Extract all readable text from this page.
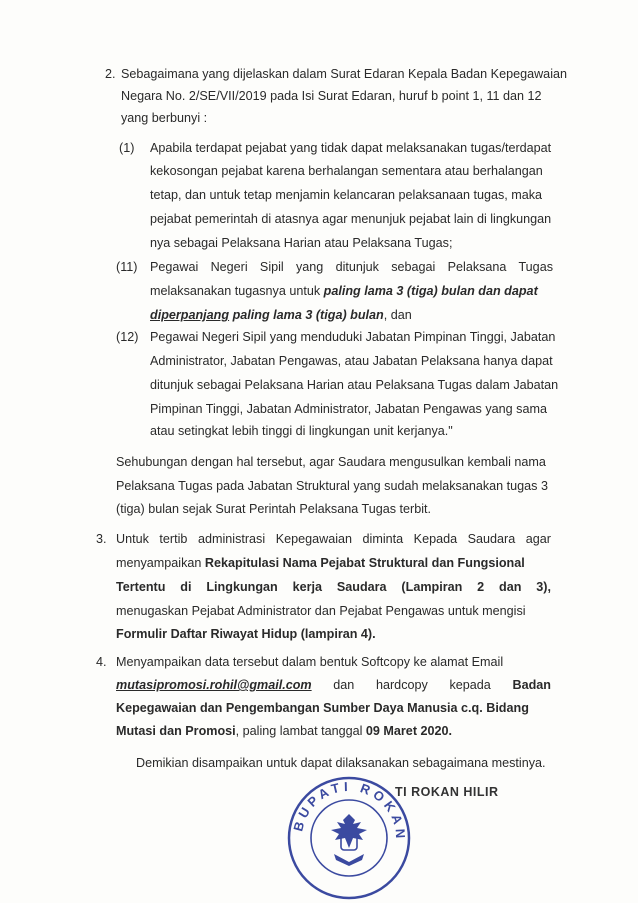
2. Sebagaimana yang dijelaskan dalam Surat Edaran Kepala Badan Kepegawaian
Negara No. 2/SE/VII/2019 pada Isi Surat Edaran, huruf b point 1, 11 dan 12
yang berbunyi :
(1) Apabila terdapat pejabat yang tidak dapat melaksanakan tugas/terdapat
kekosongan pejabat karena berhalangan sementara atau berhalangan
tetap, dan untuk tetap menjamin kelancaran pelaksanaan tugas, maka
pejabat pemerintah di atasnya agar menunjuk pejabat lain di lingkungan
nya sebagai Pelaksana Harian atau Pelaksana Tugas;
(11) Pegawai Negeri Sipil yang ditunjuk sebagai Pelaksana Tugas
melaksanakan tugasnya untuk paling lama 3 (tiga) bulan dan dapat
diperpanjang paling lama 3 (tiga) bulan, dan
(12) Pegawai Negeri Sipil yang menduduki Jabatan Pimpinan Tinggi, Jabatan
Administrator, Jabatan Pengawas, atau Jabatan Pelaksana hanya dapat
ditunjuk sebagai Pelaksana Harian atau Pelaksana Tugas dalam Jabatan
Pimpinan Tinggi, Jabatan Administrator, Jabatan Pengawas yang sama
atau setingkat lebih tinggi di lingkungan unit kerjanya."
Sehubungan dengan hal tersebut, agar Saudara mengusulkan kembali nama
Pelaksana Tugas pada Jabatan Struktural yang sudah melaksanakan tugas 3
(tiga) bulan sejak Surat Perintah Pelaksana Tugas terbit.
3. Untuk tertib administrasi Kepegawaian diminta Kepada Saudara agar
menyampaikan Rekapitulasi Nama Pejabat Struktural dan Fungsional
Tertentu di Lingkungan kerja Saudara (Lampiran 2 dan 3),
menugaskan Pejabat Administrator dan Pejabat Pengawas untuk mengisi
Formulir Daftar Riwayat Hidup (lampiran 4).
4. Menyampaikan data tersebut dalam bentuk Softcopy ke alamat Email
mutasipromosi.rohil@gmail.com dan hardcopy kepada Badan
Kepegawaian dan Pengembangan Sumber Daya Manusia c.q. Bidang
Mutasi dan Promosi, paling lambat tanggal 09 Maret 2020.
Demikian disampaikan untuk dapat dilaksanakan sebagaimana mestinya.
BUPATI ROKAN
TI ROKAN HILIR
